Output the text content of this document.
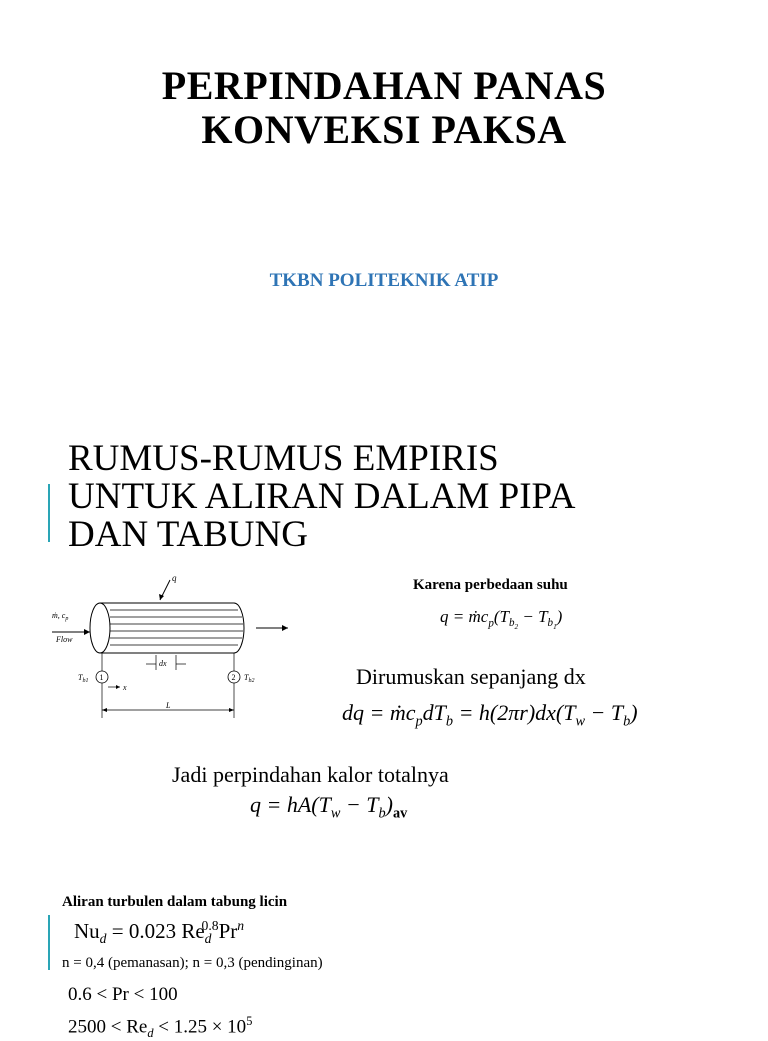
PERPINDAHAN PANAS
KONVEKSI PAKSA
TKBN POLITEKNIK ATIP
RUMUS-RUMUS EMPIRIS
UNTUK ALIRAN DALAM PIPA
DAN TABUNG
q
ṁ, $c_p$
Flow
dx
1	2
$T_{b1}$	$T_{b2}$
x
L
Karena perbedaan suhu
$q = ṁc_p(T_{b_2} - T_{b_1})$
Dirumuskan sepanjang dx
dq = $ṁc_pdT_b = h(2\pi r)dx(T_w - T_b)$
Jadi perpindahan kalor totalnya
$q = hA(T_w - T_b)_{av}$
Aliran turbulen dalam tabung licin
$Nu_d = 0.023$ $Re_d^{0.8}Pr^n$
n = 0,4 (pemanasan); n = 0,3 (pendinginan)
0.6 < Pr < 100
$2500 < Re_d < 1.25 \times 10^5$
